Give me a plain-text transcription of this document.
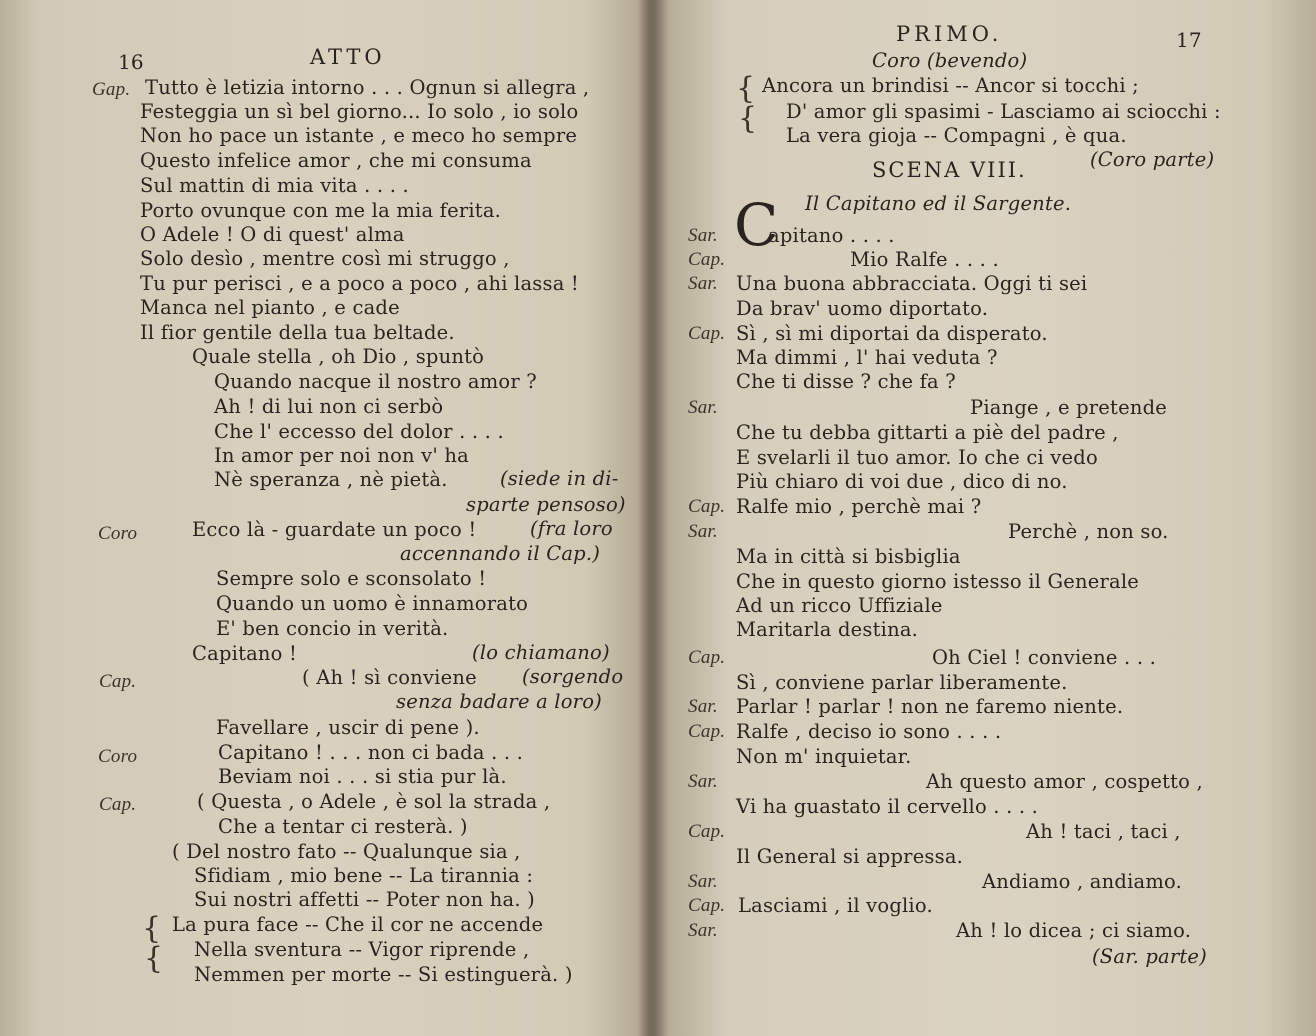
16	ATTO
Gap. Tutto è letizia intorno . . . Ognun si allegra ,
Festeggia un sì bel giorno... Io solo , io solo
Non ho pace un istante , e meco ho sempre
Questo infelice amor , che mi consuma
Sul mattin di mia vita . . . .
Porto ovunque con me la mia ferita.
O Adele ! O di quest' alma
Solo desìo , mentre così mi struggo ,
Tu pur perisci , e a poco a poco , ahi lassa !
Manca nel pianto , e cade
Il fior gentile della tua beltade.
Quale stella , oh Dio , spuntò
Quando nacque il nostro amor ?
Ah ! di lui non ci serbò
Che l' eccesso del dolor . . . .
In amor per noi non v' ha
Nè speranza , nè pietà.	(siede in di-
sparte pensoso)
Coro	Ecco là - guardate un poco !	(fra loro
accennando il Cap.)
Sempre solo e sconsolato !
Quando un uomo è innamorato
E' ben concio in verità.
Capitano !	(lo chiamano)
Cap.	( Ah ! sì conviene (sorgendo
senza badare a loro)
Favellare , uscir di pene ).
Coro	Capitano ! . . . non ci bada . . .
Beviam noi . . . si stia pur là.
Cap.	( Questa , o Adele , è sol la strada ,
Che a tentar ci resterà. )
( Del nostro fato -- Qualunque sia ,
Sfidiam , mio bene -- La tirannia :
Sui nostri affetti -- Poter non ha. )
{
{
La pura face -- Che il cor ne accende
Nella sventura -- Vigor riprende ,
Nemmen per morte -- Si estinguerà. )
PRIMO.	17
Coro (bevendo)
{
{
Ancora un brindisi -- Ancor si tocchi ;
D' amor gli spasimi - Lasciamo ai sciocchi :
La vera gioja -- Compagni , è qua.
SCENA VIII.	(Coro parte)
Il Capitano ed il Sargente.
C
Sar.	apitano . . . .
Cap.	Mio Ralfe . . . .
Sar. Una buona abbracciata. Oggi ti sei
Da brav' uomo diportato.
Cap. Sì , sì mi diportai da disperato.
Ma dimmi , l' hai veduta ?
Che ti disse ? che fa ?
Sar.	Piange , e pretende
Che tu debba gittarti a piè del padre ,
E svelarli il tuo amor. Io che ci vedo
Più chiaro di voi due , dico di no.
Cap. Ralfe mio , perchè mai ?
Sar.	Perchè , non so.
Ma in città si bisbiglia
Che in questo giorno istesso il Generale
Ad un ricco Uffiziale
Maritarla destina.
Cap.	Oh Ciel ! conviene . . .
Sì , conviene parlar liberamente.
Sar. Parlar ! parlar ! non ne faremo niente.
Cap. Ralfe , deciso io sono . . . .
Non m' inquietar.
Sar.	Ah questo amor , cospetto ,
Vi ha guastato il cervello . . . .
Cap.	Ah ! taci , taci ,
Il General si appressa.
Sar.	Andiamo , andiamo.
Cap. Lasciami , il voglio.
Sar.	Ah ! lo dicea ; ci siamo.
(Sar. parte)
